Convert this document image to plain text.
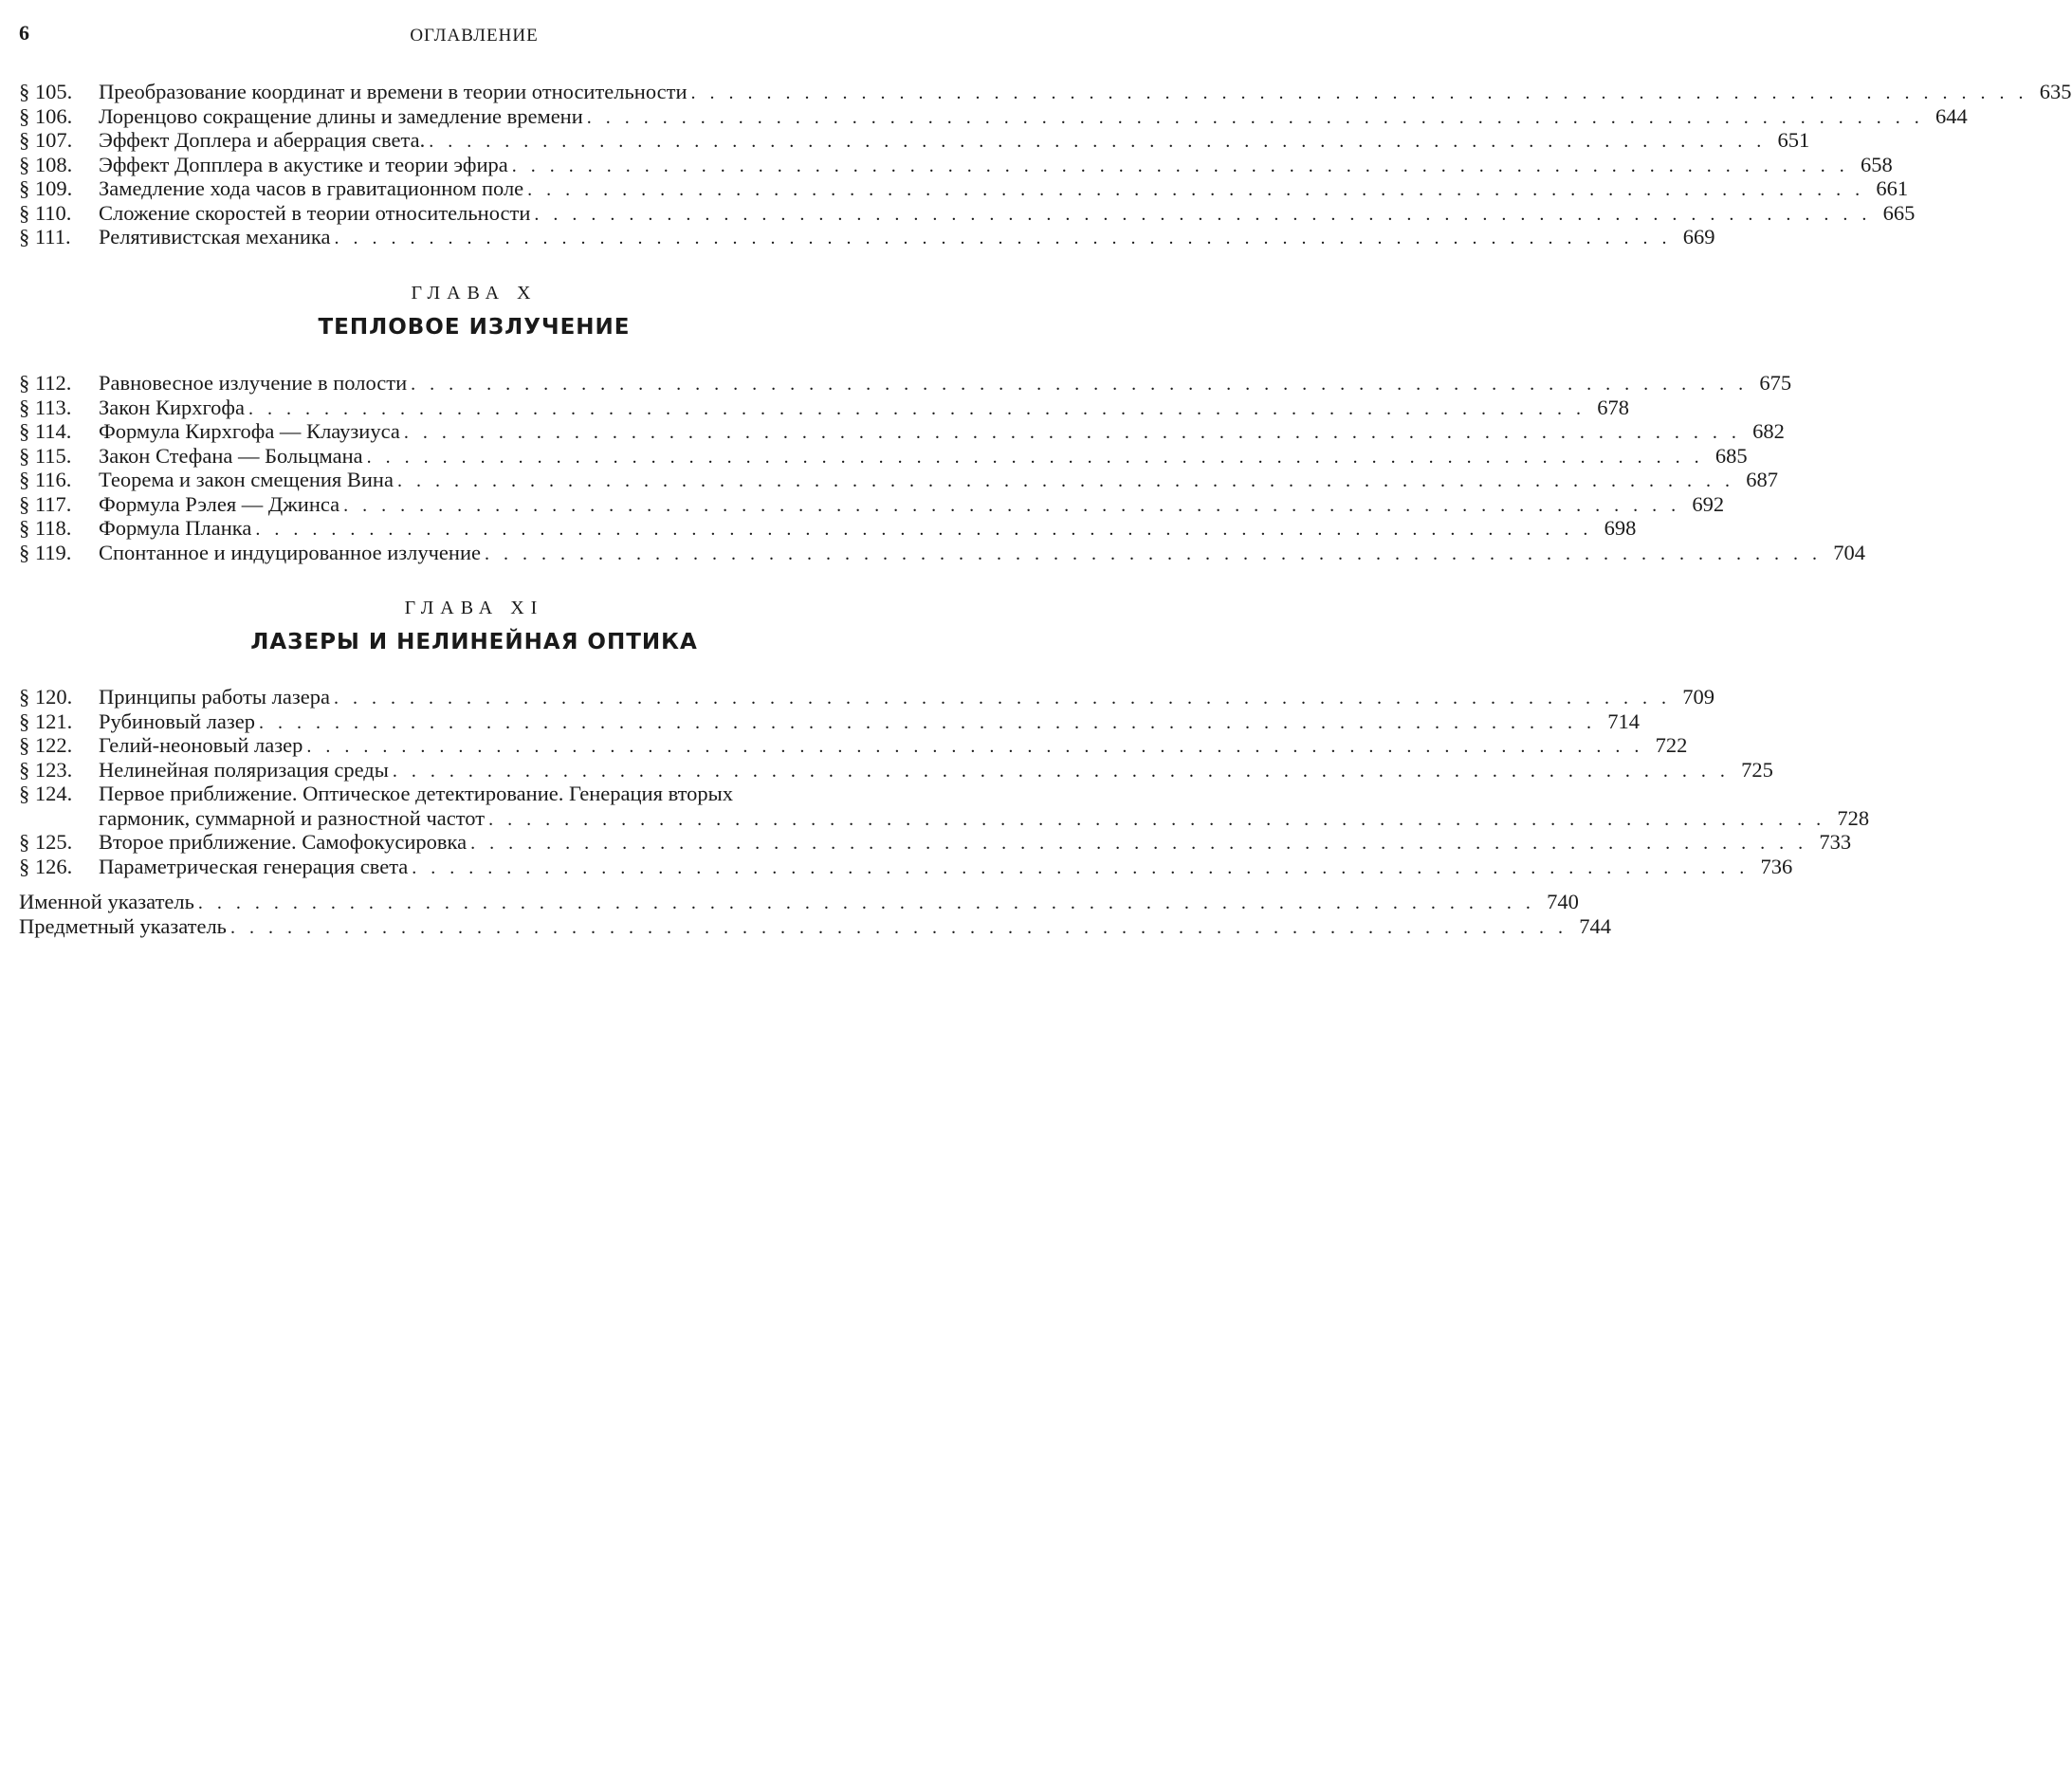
6	ОГЛАВЛЕНИЕ
§ 105.	Преобразование координат и времени в теории относительности . . . . . . . . . . . . . . . . . . . . . . . . . . . . . . . . . . . . . . . . . . . . . . . . . . . . . . . . . . . . . . . . . . . . . . . 635
§ 106.	Лоренцово сокращение длины и замедление времени . . . . . . . . . . . . . . . . . . . . . . . . . . . . . . . . . . . . . . . . . . . . . . . . . . . . . . . . . . . . . . . . . . . . . . . 644
§ 107.	Эффект Доплера и аберрация света. . . . . . . . . . . . . . . . . . . . . . . . . . . . . . . . . . . . . . . . . . . . . . . . . . . . . . . . . . . . . . . . . . . . . . . . 651
§ 108.	Эффект Допплера в акустике и теории эфира . . . . . . . . . . . . . . . . . . . . . . . . . . . . . . . . . . . . . . . . . . . . . . . . . . . . . . . . . . . . . . . . . . . . . . . 658
§ 109.	Замедление хода часов в гравитационном поле . . . . . . . . . . . . . . . . . . . . . . . . . . . . . . . . . . . . . . . . . . . . . . . . . . . . . . . . . . . . . . . . . . . . . . . 661
§ 110.	Сложение скоростей в теории относительности . . . . . . . . . . . . . . . . . . . . . . . . . . . . . . . . . . . . . . . . . . . . . . . . . . . . . . . . . . . . . . . . . . . . . . . 665
§ 111.	Релятивистская механика . . . . . . . . . . . . . . . . . . . . . . . . . . . . . . . . . . . . . . . . . . . . . . . . . . . . . . . . . . . . . . . . . . . . . . . 669
ГЛАВА X
ТЕПЛОВОЕ ИЗЛУЧЕНИЕ
§ 112.	Равновесное излучение в полости . . . . . . . . . . . . . . . . . . . . . . . . . . . . . . . . . . . . . . . . . . . . . . . . . . . . . . . . . . . . . . . . . . . . . . . 675
§ 113.	Закон Кирхгофа . . . . . . . . . . . . . . . . . . . . . . . . . . . . . . . . . . . . . . . . . . . . . . . . . . . . . . . . . . . . . . . . . . . . . . . 678
§ 114.	Формула Кирхгофа — Клаузиуса . . . . . . . . . . . . . . . . . . . . . . . . . . . . . . . . . . . . . . . . . . . . . . . . . . . . . . . . . . . . . . . . . . . . . . . 682
§ 115.	Закон Стефана — Больцмана . . . . . . . . . . . . . . . . . . . . . . . . . . . . . . . . . . . . . . . . . . . . . . . . . . . . . . . . . . . . . . . . . . . . . . . 685
§ 116.	Теорема и закон смещения Вина . . . . . . . . . . . . . . . . . . . . . . . . . . . . . . . . . . . . . . . . . . . . . . . . . . . . . . . . . . . . . . . . . . . . . . . 687
§ 117.	Формула Рэлея — Джинса . . . . . . . . . . . . . . . . . . . . . . . . . . . . . . . . . . . . . . . . . . . . . . . . . . . . . . . . . . . . . . . . . . . . . . . 692
§ 118.	Формула Планка . . . . . . . . . . . . . . . . . . . . . . . . . . . . . . . . . . . . . . . . . . . . . . . . . . . . . . . . . . . . . . . . . . . . . . . 698
§ 119.	Спонтанное и индуцированное излучение . . . . . . . . . . . . . . . . . . . . . . . . . . . . . . . . . . . . . . . . . . . . . . . . . . . . . . . . . . . . . . . . . . . . . . . 704
ГЛАВА XI
ЛАЗЕРЫ И НЕЛИНЕЙНАЯ ОПТИКА
§ 120.	Принципы работы лазера . . . . . . . . . . . . . . . . . . . . . . . . . . . . . . . . . . . . . . . . . . . . . . . . . . . . . . . . . . . . . . . . . . . . . . . 709
§ 121.	Рубиновый лазер . . . . . . . . . . . . . . . . . . . . . . . . . . . . . . . . . . . . . . . . . . . . . . . . . . . . . . . . . . . . . . . . . . . . . . . 714
§ 122.	Гелий-неоновый лазер . . . . . . . . . . . . . . . . . . . . . . . . . . . . . . . . . . . . . . . . . . . . . . . . . . . . . . . . . . . . . . . . . . . . . . . 722
§ 123.	Нелинейная поляризация среды . . . . . . . . . . . . . . . . . . . . . . . . . . . . . . . . . . . . . . . . . . . . . . . . . . . . . . . . . . . . . . . . . . . . . . . 725
§ 124.	Первое приближение. Оптическое детектирование. Генерация вторых
гармоник, суммарной и разностной частот . . . . . . . . . . . . . . . . . . . . . . . . . . . . . . . . . . . . . . . . . . . . . . . . . . . . . . . . . . . . . . . . . . . . . . . 728
§ 125.	Второе приближение. Самофокусировка . . . . . . . . . . . . . . . . . . . . . . . . . . . . . . . . . . . . . . . . . . . . . . . . . . . . . . . . . . . . . . . . . . . . . . . 733
§ 126.	Параметрическая генерация света . . . . . . . . . . . . . . . . . . . . . . . . . . . . . . . . . . . . . . . . . . . . . . . . . . . . . . . . . . . . . . . . . . . . . . . 736
Именной указатель . . . . . . . . . . . . . . . . . . . . . . . . . . . . . . . . . . . . . . . . . . . . . . . . . . . . . . . . . . . . . . . . . . . . . . . 740
Предметный указатель . . . . . . . . . . . . . . . . . . . . . . . . . . . . . . . . . . . . . . . . . . . . . . . . . . . . . . . . . . . . . . . . . . . . . . . 744
